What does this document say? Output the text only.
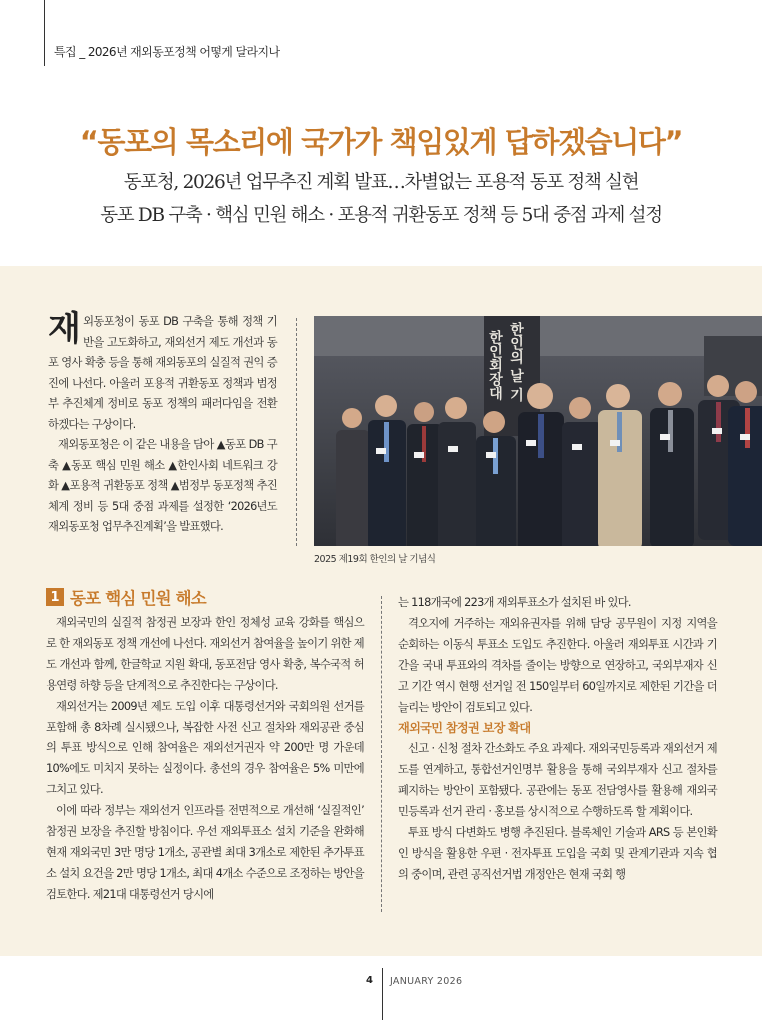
특집 _ 2026년 재외동포정책 어떻게 달라지나
“동포의 목소리에 국가가 책임있게 답하겠습니다”
동포청, 2026년 업무추진 계획 발표…차별없는 포용적 동포 정책 실현
동포 DB 구축 · 핵심 민원 해소 · 포용적 귀환동포 정책 등 5대 중점 과제 설정

재외동포청이 동포 DB 구축을 통해 정책 기반을 고도화하고, 재외선거 제도 개선과 동포 영사 확충 등을 통해 재외동포의 실질적 권익 증진에 나선다. 아울러 포용적 귀환동포 정책과 범정부 추진체계 정비로 동포 정책의 패러다임을 전환하겠다는 구상이다.

재외동포청은 이 같은 내용을 담아 ▲동포 DB 구축 ▲동포 핵심 민원 해소 ▲한인사회 네트워크 강화 ▲포용적 귀환동포 정책 ▲범정부 동포정책 추진체계 정비 등 5대 중점 과제를 설정한 ‘2026년도 재외동포청 업무추진계획’을 발표했다.

한인회장대 한인의 날 기
2025 제19회 한인의 날 기념식
1 동포 핵심 민원 해소

재외국민의 실질적 참정권 보장과 한인 정체성 교육 강화를 핵심으로 한 재외동포 정책 개선에 나선다. 재외선거 참여율을 높이기 위한 제도 개선과 함께, 한글학교 지원 확대, 동포전담 영사 확충, 복수국적 허용연령 하향 등을 단계적으로 추진한다는 구상이다.

재외선거는 2009년 제도 도입 이후 대통령선거와 국회의원 선거를 포함해 총 8차례 실시됐으나, 복잡한 사전 신고 절차와 재외공관 중심의 투표 방식으로 인해 참여율은 재외선거권자 약 200만 명 가운데 10%에도 미치지 못하는 실정이다. 총선의 경우 참여율은 5% 미만에 그치고 있다.

이에 따라 정부는 재외선거 인프라를 전면적으로 개선해 ‘실질적인’ 참정권 보장을 추진할 방침이다. 우선 재외투표소 설치 기준을 완화해 현재 재외국민 3만 명당 1개소, 공관별 최대 3개소로 제한된 추가투표소 설치 요건을 2만 명당 1개소, 최대 4개소 수준으로 조정하는 방안을 검토한다. 제21대 대통령선거 당시에

는 118개국에 223개 재외투표소가 설치된 바 있다.

격오지에 거주하는 재외유권자를 위해 담당 공무원이 지정 지역을 순회하는 이동식 투표소 도입도 추진한다. 아울러 재외투표 시간과 기간을 국내 투표와의 격차를 줄이는 방향으로 연장하고, 국외부재자 신고 기간 역시 현행 선거일 전 150일부터 60일까지로 제한된 기간을 더 늘리는 방안이 검토되고 있다.

재외국민 참정권 보장 확대

신고 · 신청 절차 간소화도 주요 과제다. 재외국민등록과 재외선거 제도를 연계하고, 통합선거인명부 활용을 통해 국외부재자 신고 절차를 폐지하는 방안이 포함됐다. 공관에는 동포 전담영사를 활용해 재외국민등록과 선거 관리 · 홍보를 상시적으로 수행하도록 할 계획이다.

투표 방식 다변화도 병행 추진된다. 블록체인 기술과 ARS 등 본인확인 방식을 활용한 우편 · 전자투표 도입을 국회 및 관계기관과 지속 협의 중이며, 관련 공직선거법 개정안은 현재 국회 행

4 JANUARY 2026
